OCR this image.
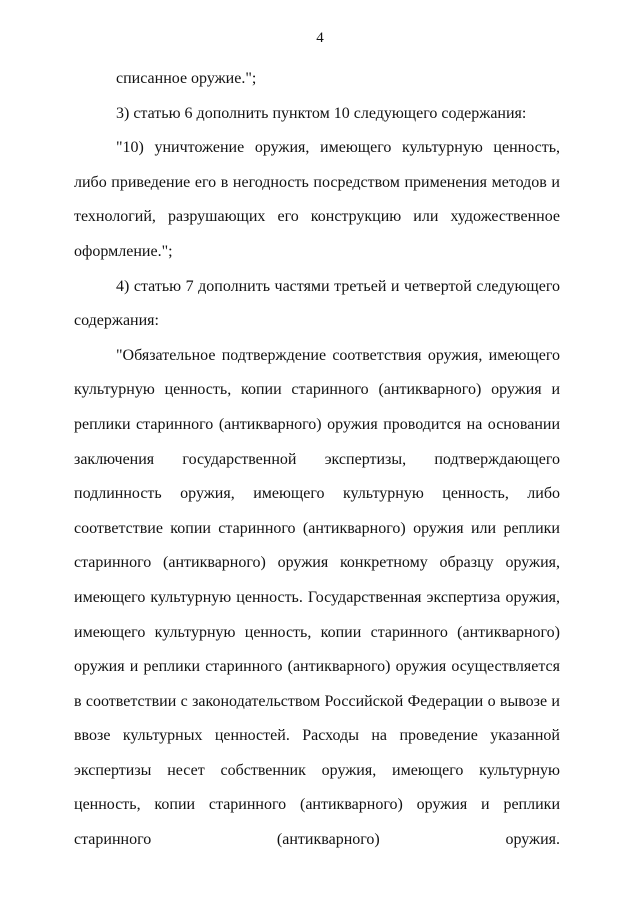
4

списанное оружие.";

3) статью 6 дополнить пунктом 10 следующего содержания:

"10) уничтожение оружия, имеющего культурную ценность, либо приведение его в негодность посредством применения методов и технологий, разрушающих его конструкцию или художественное оформление.";

4) статью 7 дополнить частями третьей и четвертой следующего содержания:

"Обязательное подтверждение соответствия оружия, имеющего культурную ценность, копии старинного (антикварного) оружия и реплики старинного (антикварного) оружия проводится на основании заключения государственной экспертизы, подтверждающего подлинность оружия, имеющего культурную ценность, либо соответствие копии старинного (антикварного) оружия или реплики старинного (антикварного) оружия конкретному образцу оружия, имеющего культурную ценность. Государственная экспертиза оружия, имеющего культурную ценность, копии старинного (антикварного) оружия и реплики старинного (антикварного) оружия осуществляется в соответствии с законодательством Российской Федерации о вывозе и ввозе культурных ценностей. Расходы на проведение указанной экспертизы несет собственник оружия, имеющего культурную ценность, копии старинного (антикварного) оружия и реплики старинного (антикварного) оружия.
